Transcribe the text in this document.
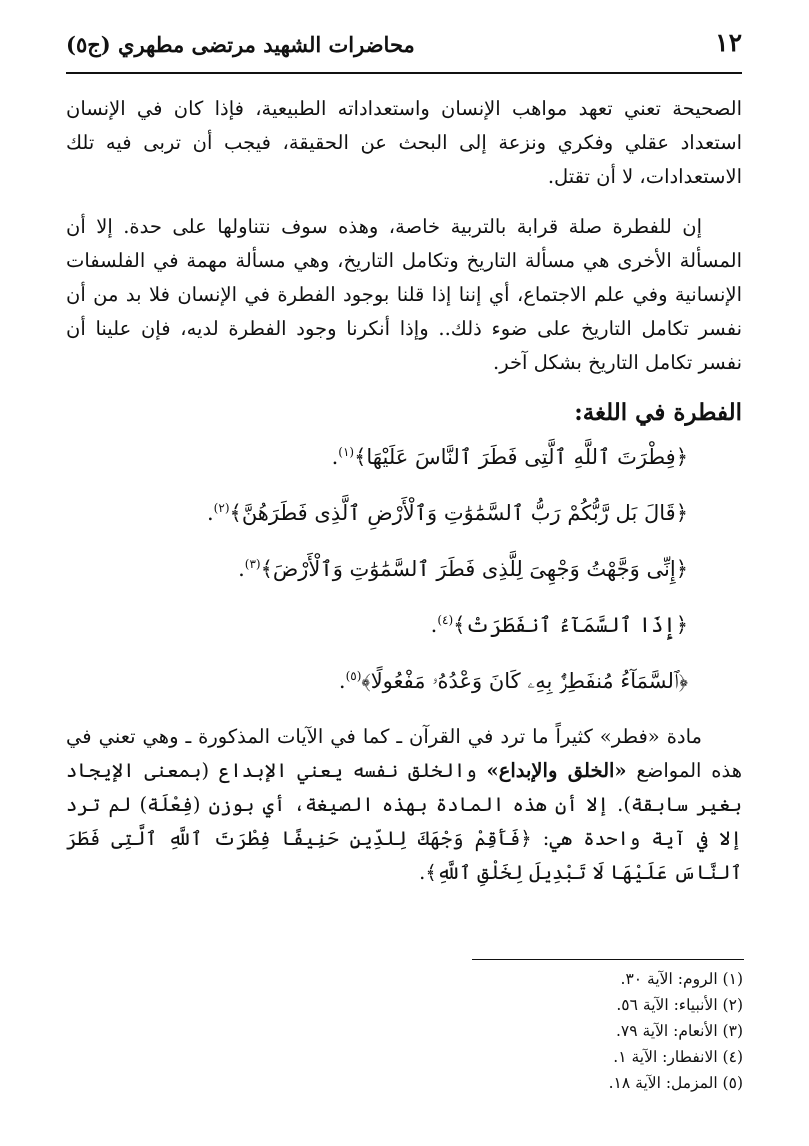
١٢
محاضرات الشهيد مرتضى مطهري (ج٥)

الصحيحة تعني تعهد مواهب الإنسان واستعداداته الطبيعية، فإذا كان في الإنسان استعداد عقلي وفكري ونزعة إلى البحث عن الحقيقة، فيجب أن تربى فيه تلك الاستعدادات، لا أن تقتل.

إن للفطرة صلة قرابة بالتربية خاصة، وهذه سوف نتناولها على حدة. إلا أن المسألة الأخرى هي مسألة التاريخ وتكامل التاريخ، وهي مسألة مهمة في الفلسفات الإنسانية وفي علم الاجتماع، أي إننا إذا قلنا بوجود الفطرة في الإنسان فلا بد من أن نفسر تكامل التاريخ على ضوء ذلك.. وإذا أنكرنا وجود الفطرة لديه، فإن علينا أن نفسر تكامل التاريخ بشكل آخر.

الفطرة في اللغة:
﴿فِطْرَتَ ٱللَّهِ ٱلَّتِى فَطَرَ ٱلنَّاسَ عَلَيْهَا﴾$^{(١)}$.
﴿قَالَ بَل رَّبُّكُمْ رَبُّ ٱلسَّمَٰوَٰتِ وَٱلْأَرْضِ ٱلَّذِى فَطَرَهُنَّ﴾$^{(٢)}$.
﴿إِنِّى وَجَّهْتُ وَجْهِىَ لِلَّذِى فَطَرَ ٱلسَّمَٰوَٰتِ وَٱلْأَرْضَ﴾$^{(٣)}$.
﴿إِذَا ٱلسَّمَآءُ ٱنفَطَرَتْ﴾$^{(٤)}$.
﴿ٱلسَّمَآءُ مُنفَطِرٌۢ بِهِۦ كَانَ وَعْدُهُۥ مَفْعُولًا﴾$^{(٥)}$.

مادة «فطر» كثيراً ما ترد في القرآن ـ كما في الآيات المذكورة ـ وهي تعني في هذه المواضع «الخلق والإبداع» والخلق نفسه يعني الإبداع (بمعنى الإيجاد بغير سابقة). إلا أن هذه المادة بهذه الصيغة، أي بوزن (فِعْلَة) لم ترد إلا في آية واحدة هي: ﴿فَأَقِمْ وَجْهَكَ لِلدِّينِ حَنِيفًا فِطْرَتَ ٱللَّهِ ٱلَّتِى فَطَرَ ٱلنَّاسَ عَلَيْهَا لَا تَبْدِيلَ لِخَلْقِ ٱللَّهِ﴾.

(١) الروم: الآية ٣٠.
(٢) الأنبياء: الآية ٥٦.
(٣) الأنعام: الآية ٧٩.
(٤) الانفطار: الآية ١.
(٥) المزمل: الآية ١٨.
